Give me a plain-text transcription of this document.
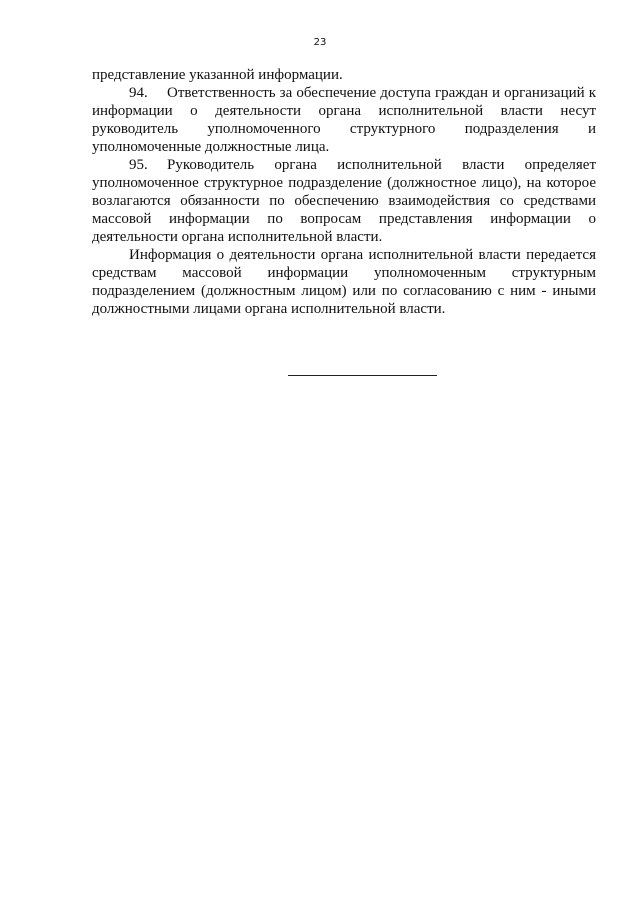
23

представление указанной информации.

94. Ответственность за обеспечение доступа граждан и организаций к информации о деятельности органа исполнительной власти несут руководитель уполномоченного структурного подразделения и уполномоченные должностные лица.

95. Руководитель органа исполнительной власти определяет уполномоченное структурное подразделение (должностное лицо), на которое возлагаются обязанности по обеспечению взаимодействия со средствами массовой информации по вопросам представления информации о деятельности органа исполнительной власти.

Информация о деятельности органа исполнительной власти передается средствам массовой информации уполномоченным структурным подразделением (должностным лицом) или по согласованию с ним - иными должностными лицами органа исполнительной власти.
